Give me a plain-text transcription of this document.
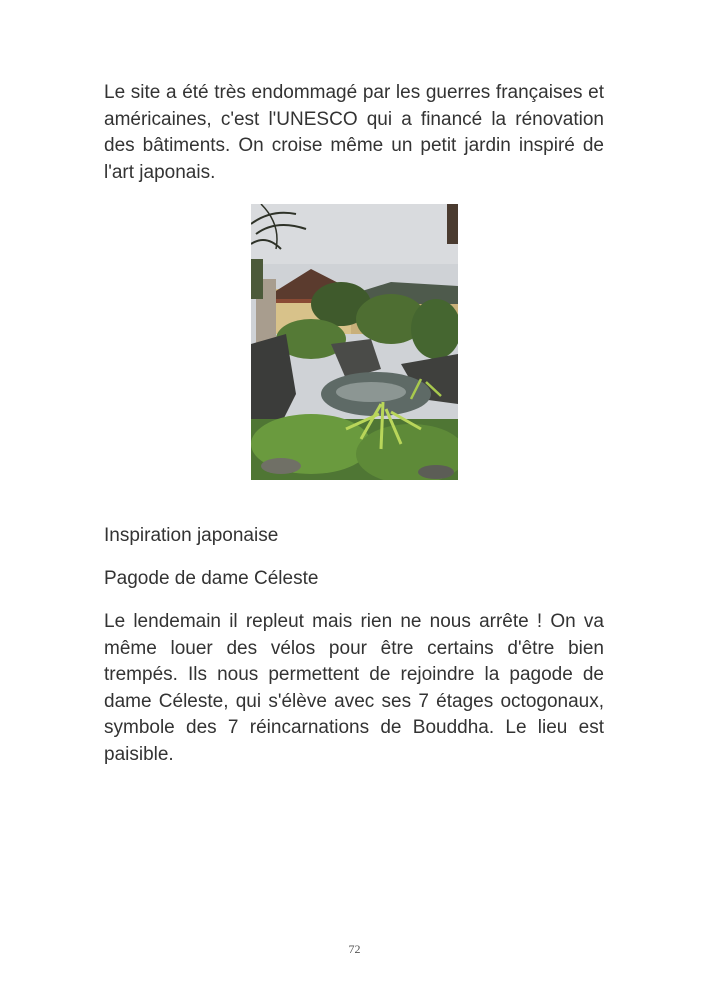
Le site a été très endommagé par les guerres françaises et américaines, c'est l'UNESCO qui a financé la rénovation des bâtiments. On croise même un petit jardin inspiré de l'art japonais.

Inspiration japonaise

Pagode de dame Céleste

Le lendemain il repleut mais rien ne nous arrête ! On va même louer des vélos pour être certains d'être bien trempés. Ils nous permettent de rejoindre la pagode de dame Céleste, qui s'élève avec ses 7 étages octogonaux, symbole des 7 réincarnations de Bouddha. Le lieu est paisible.

72
